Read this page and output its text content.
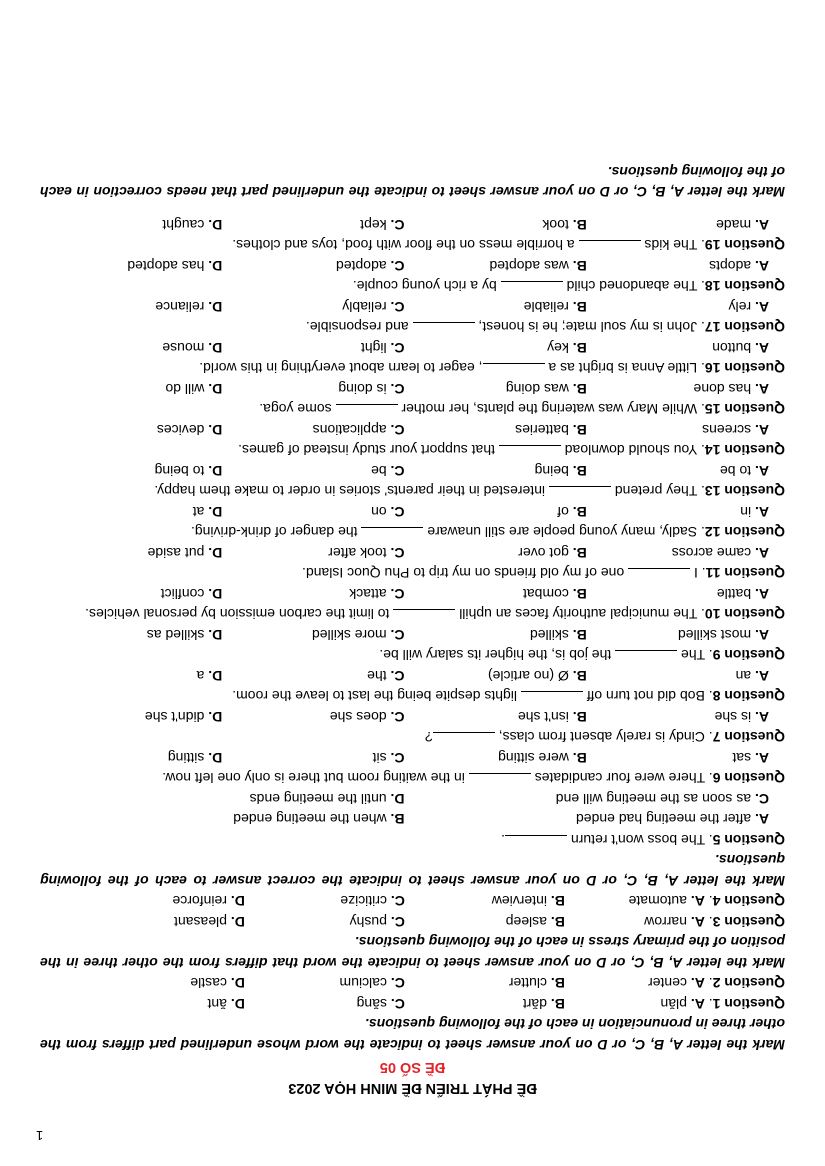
ĐỀ PHÁT TRIỂN ĐỀ MINH HỌA 2023
ĐỀ SỐ 05
Mark the letter A, B, C, or D on your answer sheet to indicate the word whose underlined part differs from the other three in pronunciation in each of the following questions.
Question 1.
A. plăn
B. dărt
C. săng
D. ănt
Question 2.
A. center
B. clutter
C. calcium
D. castle
Mark the letter A, B, C, or D on your answer sheet to indicate the word that differs from the other three in the position of the primary stress in each of the following questions.
Question 3.
A. narrow
B. asleep
C. pushy
D. pleasant
Question 4.
A. automate
B. interview
C. criticize
D. reinforce
Mark the letter A, B, C, or D on your answer sheet to indicate the correct answer to each of the following questions.
Question 5. The boss won't return .
A. after the meeting had ended
B. when the meeting ended
C. as soon as the meeting will end
D. until the meeting ends
Question 6. There were four candidates  in the waiting room but there is only one left now.
A. sat
B. were sitting
C. sit
D. sitting
Question 7. Cindy is rarely absent from class, ?
A. is she
B. isn't she
C. does she
D. didn't she
Question 8. Bob did not turn off  lights despite being the last to leave the room.
A. an
B. Ø (no article)
C. the
D. a
Question 9. The  the job is, the higher its salary will be.
A. most skilled
B. skilled
C. more skilled
D. skilled as
Question 10. The municipal authority faces an uphill  to limit the carbon emission by personal vehicles.
A. battle
B. combat
C. attack
D. conflict
Question 11. I  one of my old friends on my trip to Phu Quoc Island.
A. came across
B. got over
C. took after
D. put aside
Question 12. Sadly, many young people are still unaware  the danger of drink-driving.
A. in
B. of
C. on
D. at
Question 13. They pretend  interested in their parents' stories in order to make them happy.
A. to be
B. being
C. be
D. to being
Question 14. You should download  that support your study instead of games.
A. screens
B. batteries
C. applications
D. devices
Question 15. While Mary was watering the plants, her mother  some yoga.
A. has done
B. was doing
C. is doing
D. will do
Question 16. Little Anna is bright as a , eager to learn about everything in this world.
A. button
B. key
C. light
D. mouse
Question 17. John is my soul mate; he is honest,  and responsible.
A. rely
B. reliable
C. reliably
D. reliance
Question 18. The abandoned child  by a rich young couple.
A. adopts
B. was adopted
C. adopted
D. has adopted
Question 19. The kids  a horrible mess on the floor with food, toys and clothes.
A. made
B. took
C. kept
D. caught
Mark the letter A, B, C, or D on your answer sheet to indicate the underlined part that needs correction in each of the following questions.
1
